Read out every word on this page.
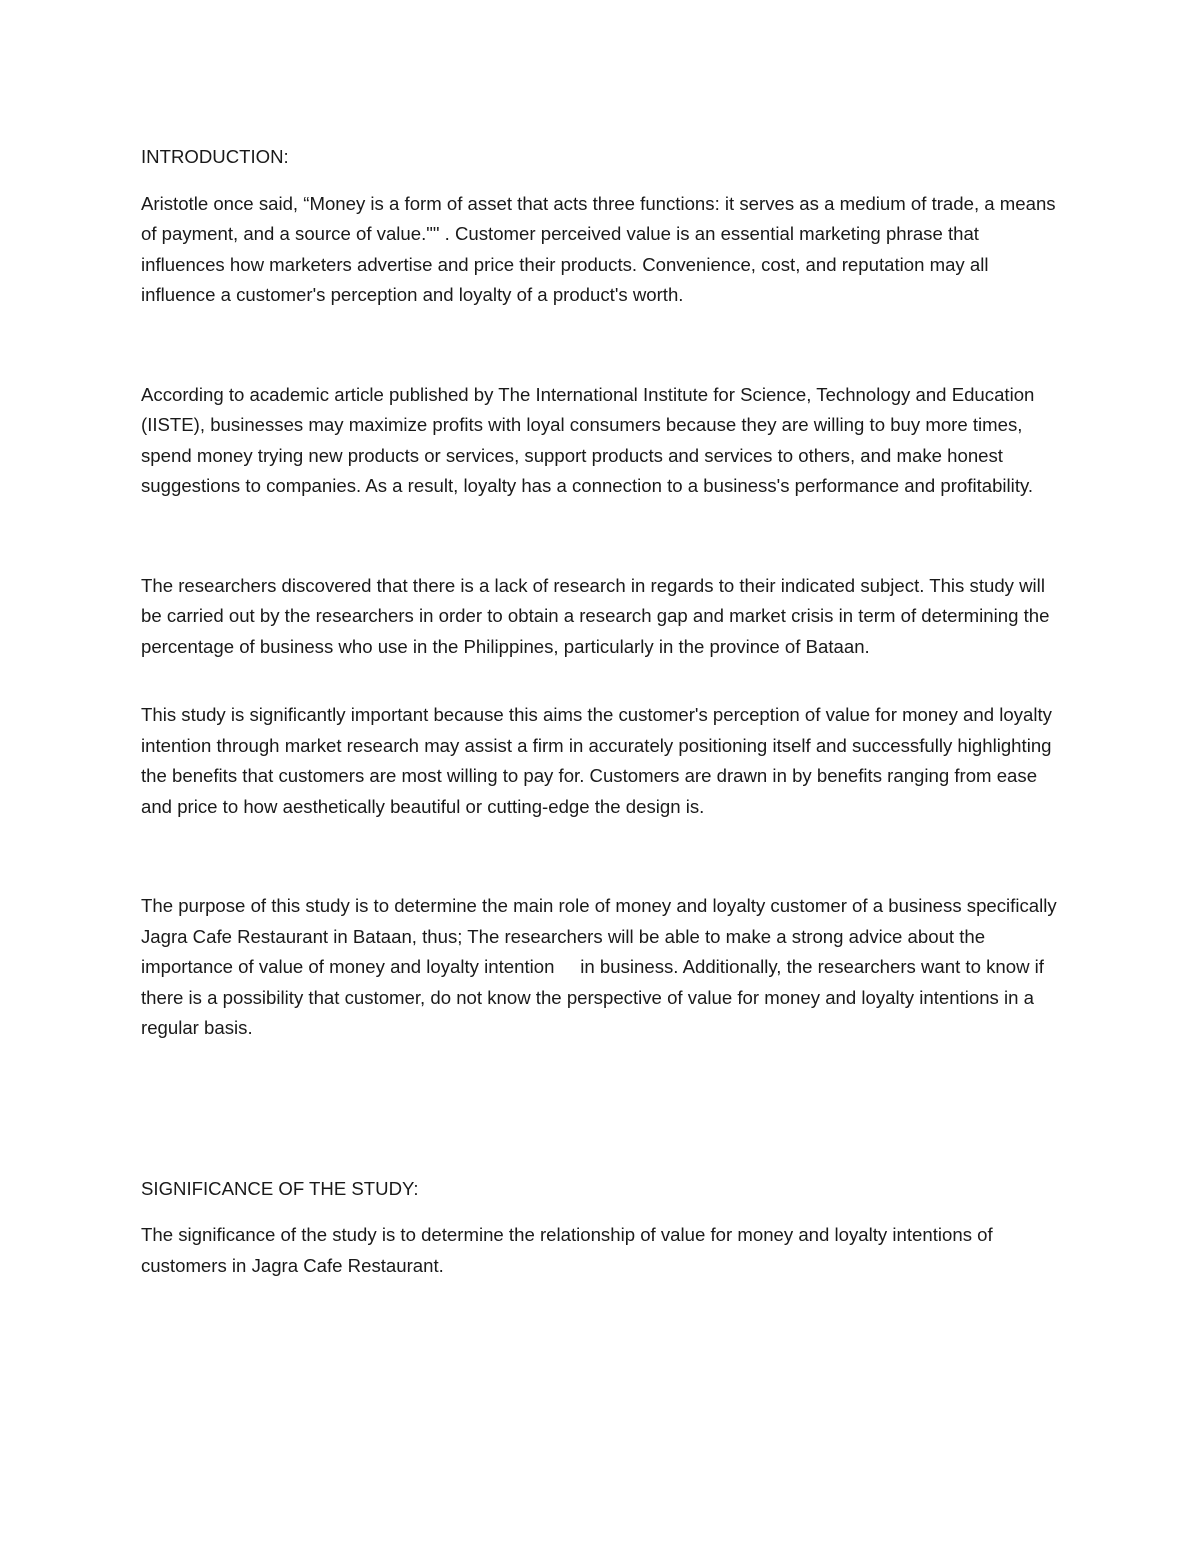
INTRODUCTION:

Aristotle once said, “Money is a form of asset that acts three functions: it serves as a medium of trade, a means of payment, and a source of value."" . Customer perceived value is an essential marketing phrase that influences how marketers advertise and price their products. Convenience, cost, and reputation may all influence a customer's perception and loyalty of a product's worth.

According to academic article published by The International Institute for Science, Technology and Education (IISTE), businesses may maximize profits with loyal consumers because they are willing to buy more times, spend money trying new products or services, support products and services to others, and make honest suggestions to companies. As a result, loyalty has a connection to a business's performance and profitability.

The researchers discovered that there is a lack of research in regards to their indicated subject. This study will be carried out by the researchers in order to obtain a research gap and market crisis in term of determining the percentage of business who use in the Philippines, particularly in the province of Bataan.

This study is significantly important because this aims the customer's perception of value for money and loyalty intention through market research may assist a firm in accurately positioning itself and successfully highlighting the benefits that customers are most willing to pay for. Customers are drawn in by benefits ranging from ease and price to how aesthetically beautiful or cutting-edge the design is.

The purpose of this study is to determine the main role of money and loyalty customer of a business specifically Jagra Cafe Restaurant in Bataan, thus; The researchers will be able to make a strong advice about the importance of value of money and loyalty intention     in business. Additionally, the researchers want to know if there is a possibility that customer, do not know the perspective of value for money and loyalty intentions in a regular basis.

SIGNIFICANCE OF THE STUDY:

The significance of the study is to determine the relationship of value for money and loyalty intentions of customers in Jagra Cafe Restaurant.
